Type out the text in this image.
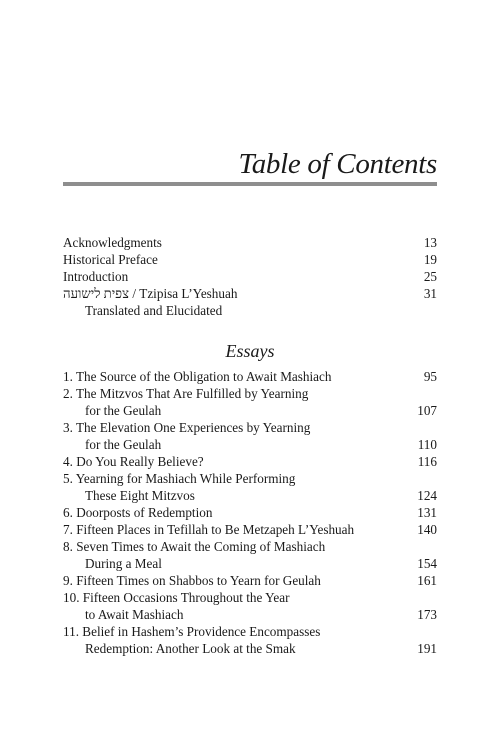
Table of Contents
Acknowledgments	13
Historical Preface	19
Introduction	25
צפית לישועה / Tzipisa L’Yeshuah	31
Translated and Elucidated
Essays
1. The Source of the Obligation to Await Mashiach	95
2. The Mitzvos That Are Fulfilled by Yearning
for the Geulah	107
3. The Elevation One Experiences by Yearning
for the Geulah	110
4. Do You Really Believe?	116
5. Yearning for Mashiach While Performing
These Eight Mitzvos	124
6. Doorposts of Redemption	131
7. Fifteen Places in Tefillah to Be Metzapeh L’Yeshuah	140
8. Seven Times to Await the Coming of Mashiach
During a Meal	154
9. Fifteen Times on Shabbos to Yearn for Geulah	161
10. Fifteen Occasions Throughout the Year
to Await Mashiach	173
11. Belief in Hashem’s Providence Encompasses
Redemption: Another Look at the Smak	191
